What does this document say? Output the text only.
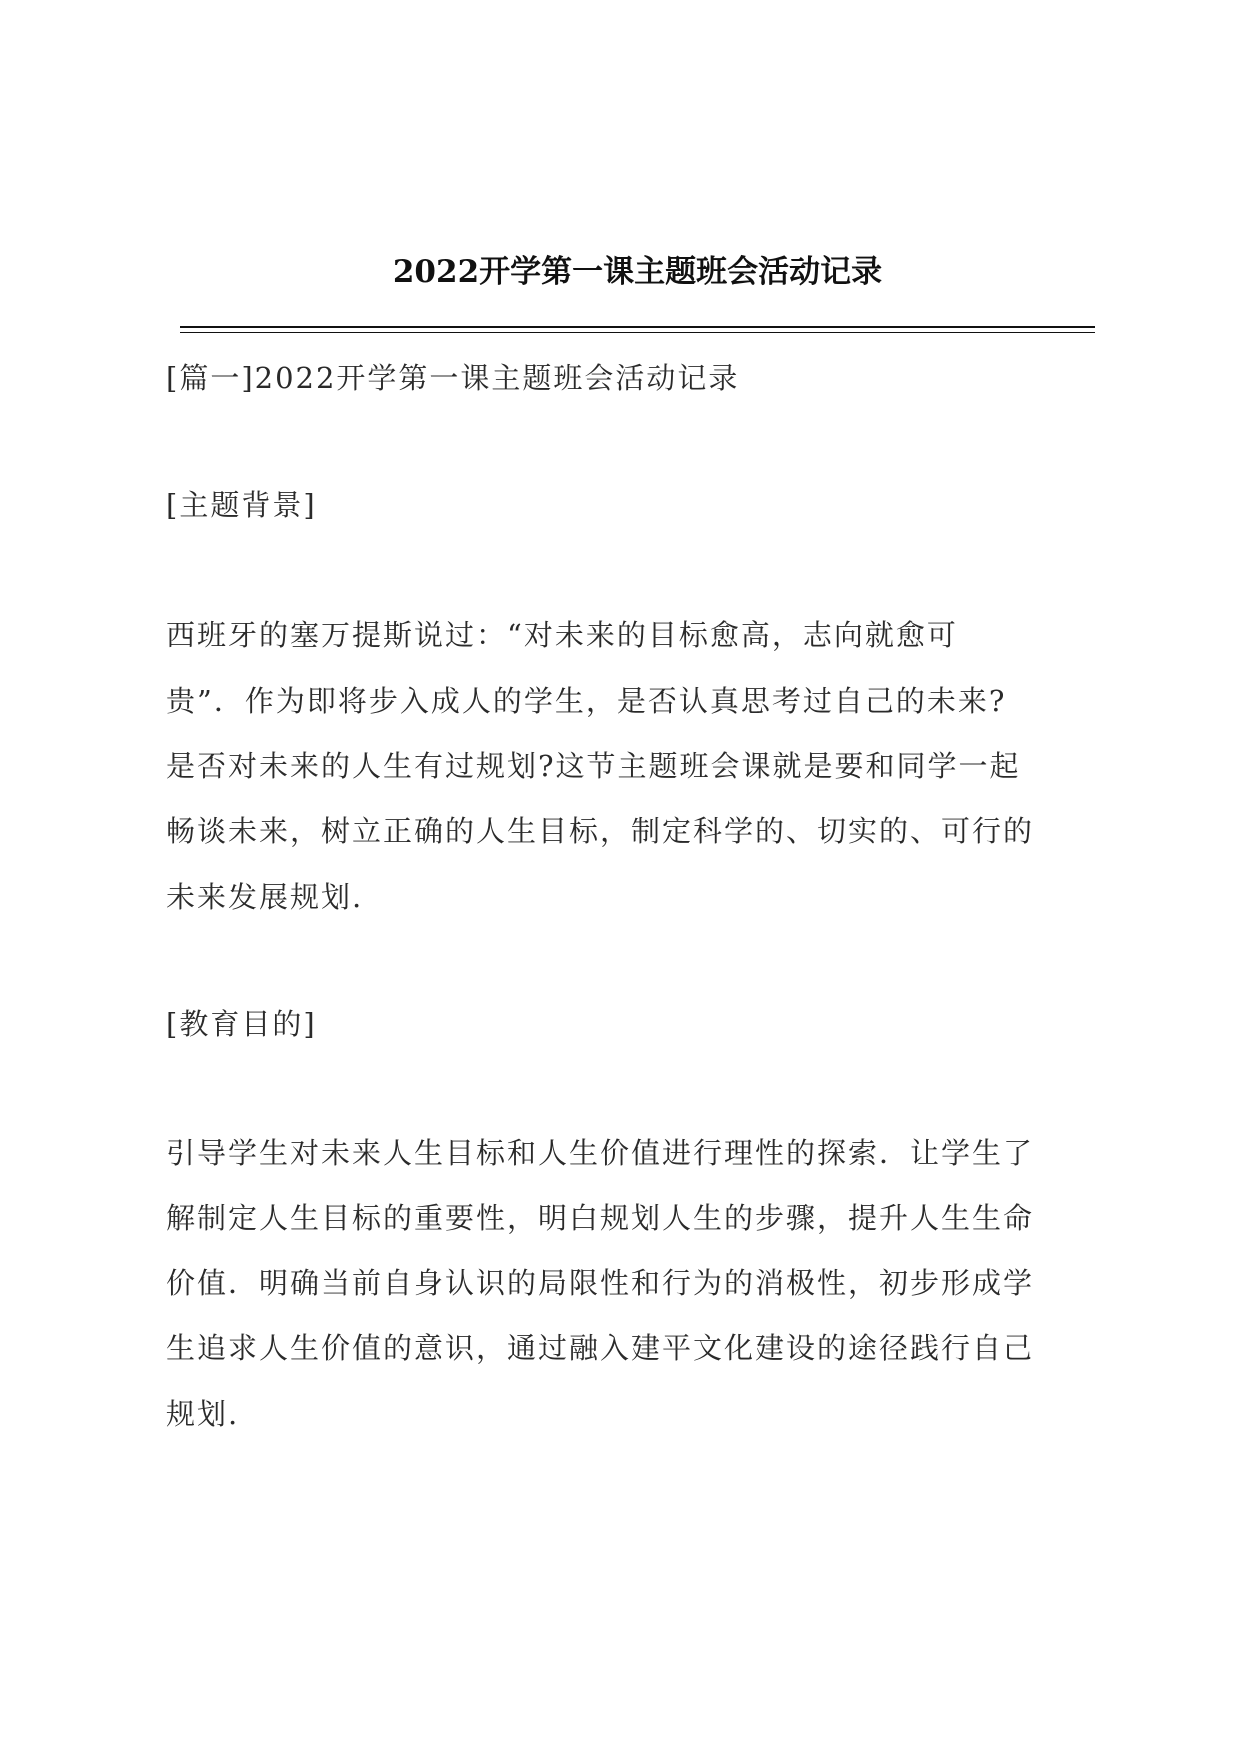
2022开学第一课主题班会活动记录
[篇一]2022开学第一课主题班会活动记录
[主题背景]
西班牙的塞万提斯说过：“对未来的目标愈高，志向就愈可
贵”．作为即将步入成人的学生，是否认真思考过自己的未来?
是否对未来的人生有过规划?这节主题班会课就是要和同学一起
畅谈未来，树立正确的人生目标，制定科学的、切实的、可行的
未来发展规划.
[教育目的]
引导学生对未来人生目标和人生价值进行理性的探索．让学生了
解制定人生目标的重要性，明白规划人生的步骤，提升人生生命
价值．明确当前自身认识的局限性和行为的消极性，初步形成学
生追求人生价值的意识，通过融入建平文化建设的途径践行自己
规划.
